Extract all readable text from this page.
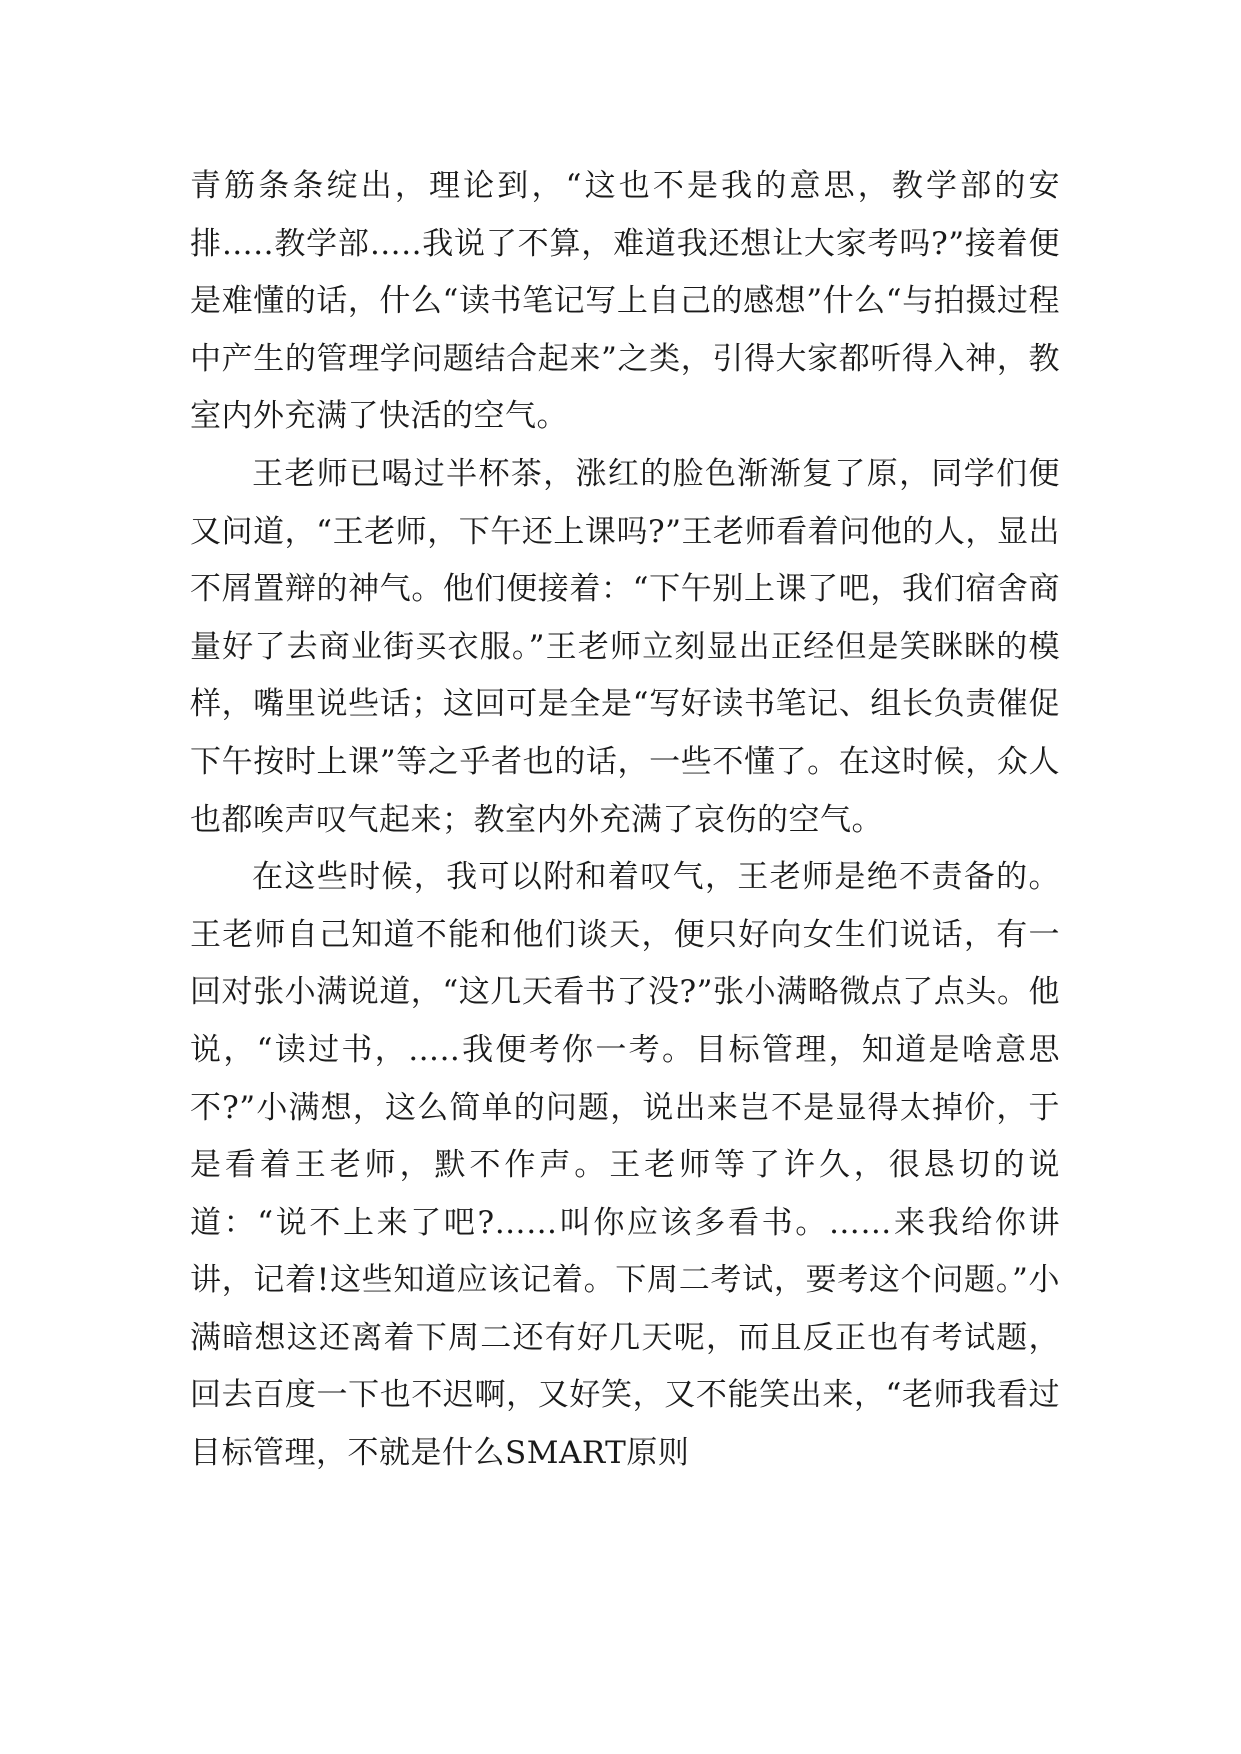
青筋条条绽出，理论到，“这也不是我的意思，教学部的安排…..教学部…..我说了不算，难道我还想让大家考吗?”接着便是难懂的话，什么“读书笔记写上自己的感想”什么“与拍摄过程中产生的管理学问题结合起来”之类，引得大家都听得入神，教室内外充满了快活的空气。

王老师已喝过半杯茶，涨红的脸色渐渐复了原，同学们便又问道，“王老师，下午还上课吗?”王老师看着问他的人，显出不屑置辩的神气。他们便接着：“下午别上课了吧，我们宿舍商量好了去商业街买衣服。”王老师立刻显出正经但是笑眯眯的模样，嘴里说些话；这回可是全是“写好读书笔记、组长负责催促下午按时上课”等之乎者也的话，一些不懂了。在这时候，众人也都唉声叹气起来；教室内外充满了哀伤的空气。

在这些时候，我可以附和着叹气，王老师是绝不责备的。王老师自己知道不能和他们谈天，便只好向女生们说话，有一回对张小满说道，“这几天看书了没?”张小满略微点了点头。他说，“读过书，…..我便考你一考。目标管理，知道是啥意思不?”小满想，这么简单的问题，说出来岂不是显得太掉价，于是看着王老师，默不作声。王老师等了许久，很恳切的说道：“说不上来了吧?……叫你应该多看书。……来我给你讲讲，记着!这些知道应该记着。下周二考试，要考这个问题。”小满暗想这还离着下周二还有好几天呢，而且反正也有考试题，回去百度一下也不迟啊，又好笑，又不能笑出来，“老师我看过目标管理，不就是什么SMART原则
